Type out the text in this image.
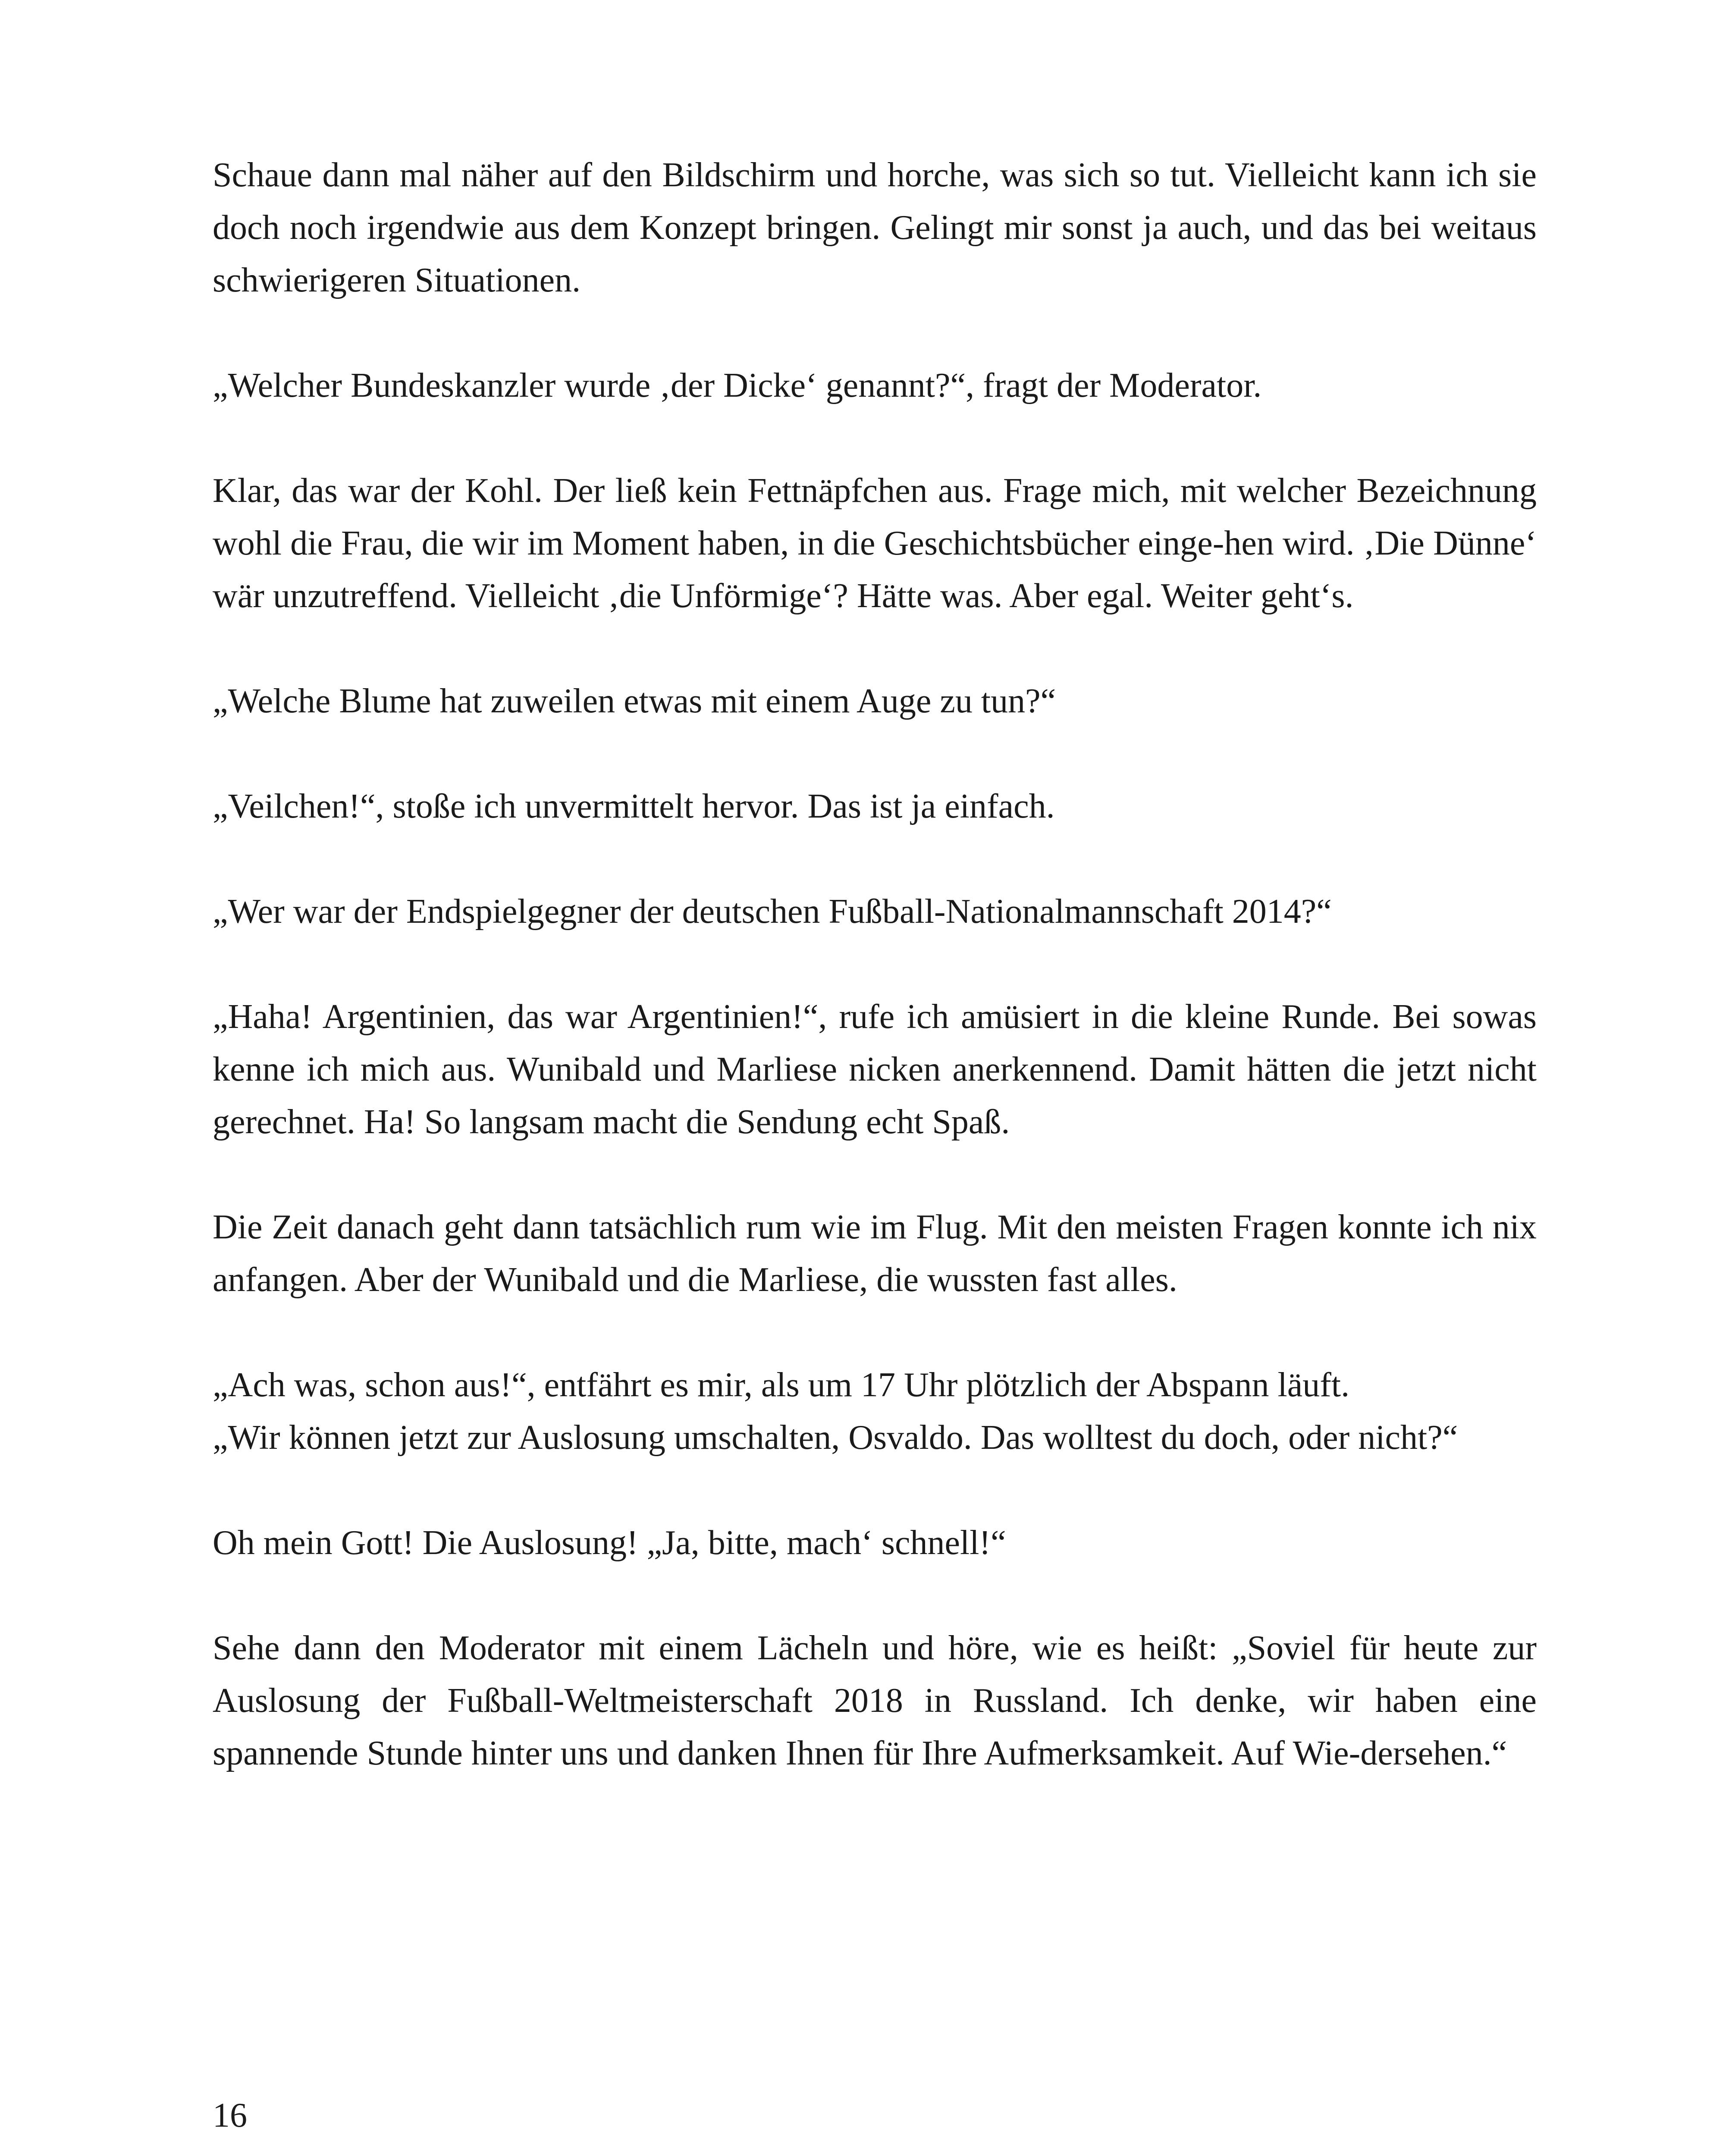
Schaue dann mal näher auf den Bildschirm und horche, was sich so tut. Vielleicht kann ich sie doch noch irgendwie aus dem Konzept bringen. Gelingt mir sonst ja auch, und das bei weitaus schwierigeren Situationen.

„Welcher Bundeskanzler wurde ‚der Dicke‘ genannt?“, fragt der Moderator.

Klar, das war der Kohl. Der ließ kein Fettnäpfchen aus. Frage mich, mit welcher Bezeichnung wohl die Frau, die wir im Moment haben, in die Geschichtsbücher einge-hen wird. ‚Die Dünne‘ wär unzutreffend. Vielleicht ‚die Unförmige‘? Hätte was. Aber egal. Weiter geht‘s.

„Welche Blume hat zuweilen etwas mit einem Auge zu tun?“

„Veilchen!“, stoße ich unvermittelt hervor. Das ist ja einfach.

„Wer war der Endspielgegner der deutschen Fußball-Nationalmannschaft 2014?“

„Haha! Argentinien, das war Argentinien!“, rufe ich amüsiert in die kleine Runde. Bei sowas kenne ich mich aus. Wunibald und Marliese nicken anerkennend. Damit hätten die jetzt nicht gerechnet. Ha! So langsam macht die Sendung echt Spaß.

Die Zeit danach geht dann tatsächlich rum wie im Flug. Mit den meisten Fragen konnte ich nix anfangen. Aber der Wunibald und die Marliese, die wussten fast alles.

„Ach was, schon aus!“, entfährt es mir, als um 17 Uhr plötzlich der Abspann läuft.

„Wir können jetzt zur Auslosung umschalten, Osvaldo. Das wolltest du doch, oder nicht?“

Oh mein Gott! Die Auslosung! „Ja, bitte, mach‘ schnell!“

Sehe dann den Moderator mit einem Lächeln und höre, wie es heißt: „Soviel für heute zur Auslosung der Fußball-Weltmeisterschaft 2018 in Russland. Ich denke, wir haben eine spannende Stunde hinter uns und danken Ihnen für Ihre Aufmerksamkeit. Auf Wie-dersehen.“

16
